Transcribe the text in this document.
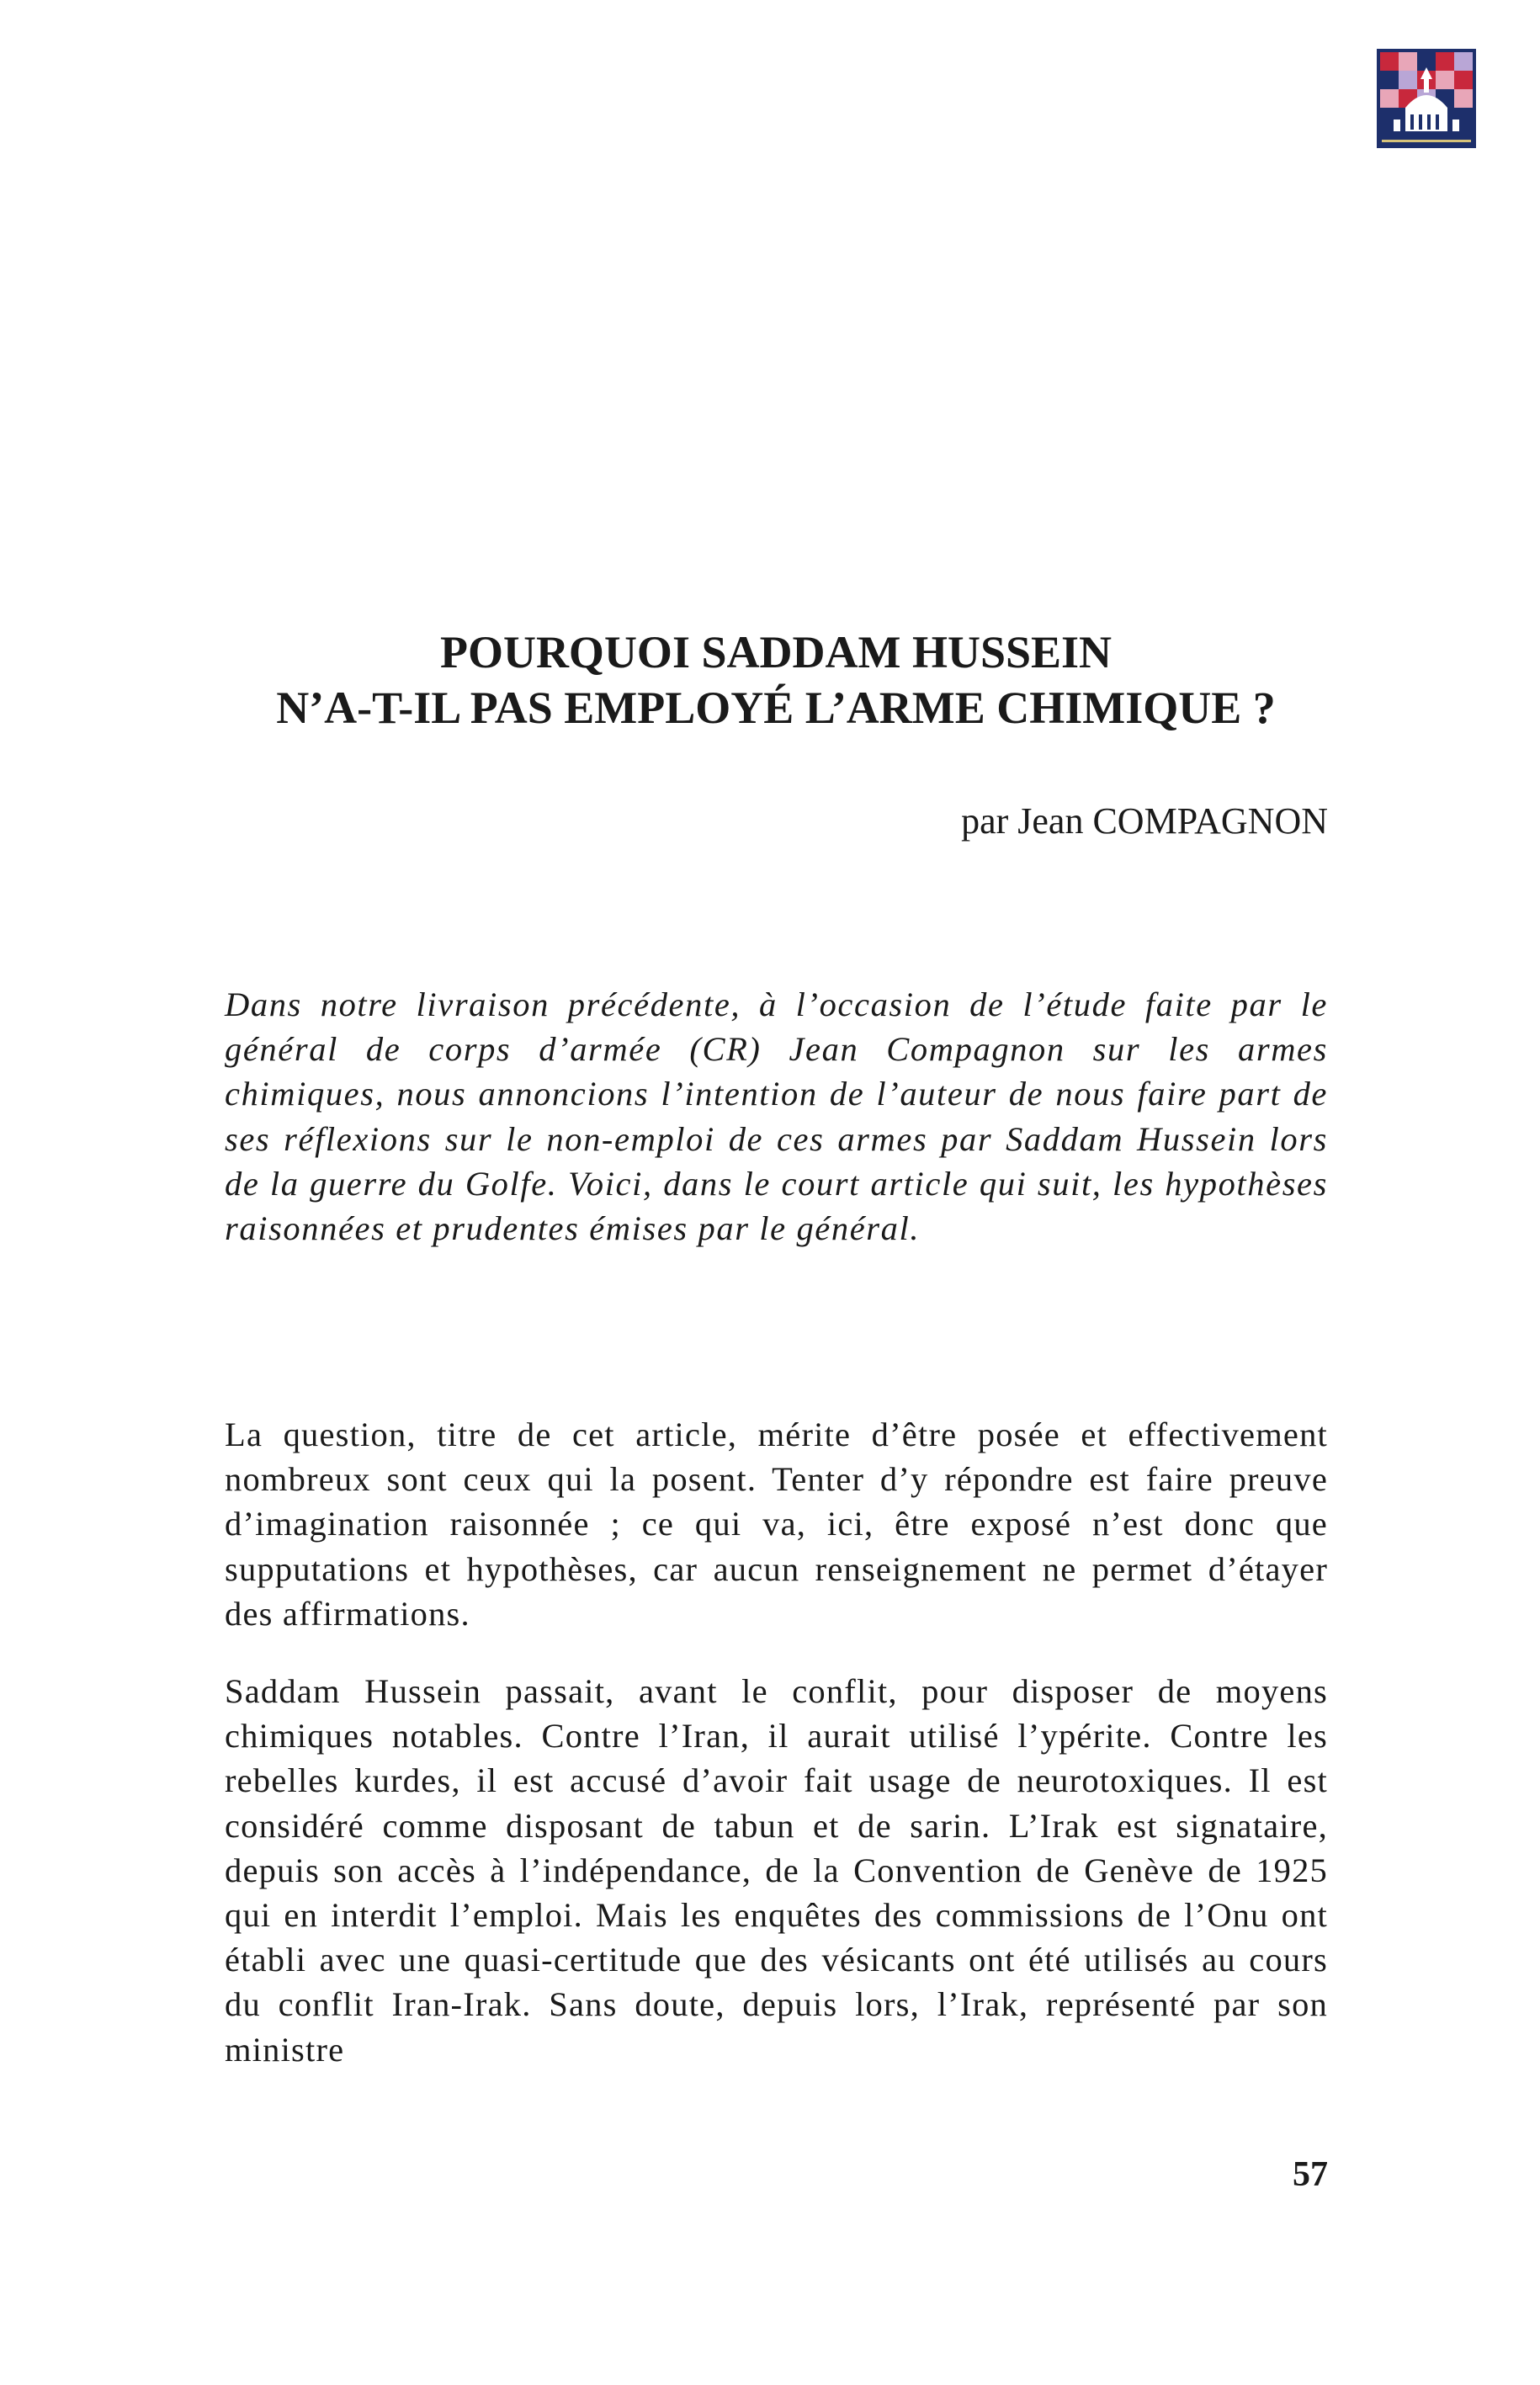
POURQUOI SADDAM HUSSEIN
N’A-T-IL PAS EMPLOYÉ L’ARME CHIMIQUE ?

par Jean COMPAGNON

Dans notre livraison précédente, à l’occasion de l’étude faite par le général de corps d’armée (CR) Jean Compagnon sur les armes chimiques, nous annoncions l’intention de l’auteur de nous faire part de ses réflexions sur le non-emploi de ces armes par Saddam Hussein lors de la guerre du Golfe. Voici, dans le court article qui suit, les hypothèses raisonnées et prudentes émises par le général.

La question, titre de cet article, mérite d’être posée et effectivement nombreux sont ceux qui la posent. Tenter d’y répondre est faire preuve d’imagination raisonnée ; ce qui va, ici, être exposé n’est donc que supputations et hypothèses, car aucun renseignement ne permet d’étayer des affirmations.

Saddam Hussein passait, avant le conflit, pour disposer de moyens chimiques notables. Contre l’Iran, il aurait utilisé l’ypérite. Contre les rebelles kurdes, il est accusé d’avoir fait usage de neurotoxiques. Il est considéré comme disposant de tabun et de sarin. L’Irak est signataire, depuis son accès à l’indépendance, de la Convention de Genève de 1925 qui en interdit l’emploi. Mais les enquêtes des commissions de l’Onu ont établi avec une quasi-certitude que des vésicants ont été utilisés au cours du conflit Iran-Irak. Sans doute, depuis lors, l’Irak, représenté par son ministre

57
